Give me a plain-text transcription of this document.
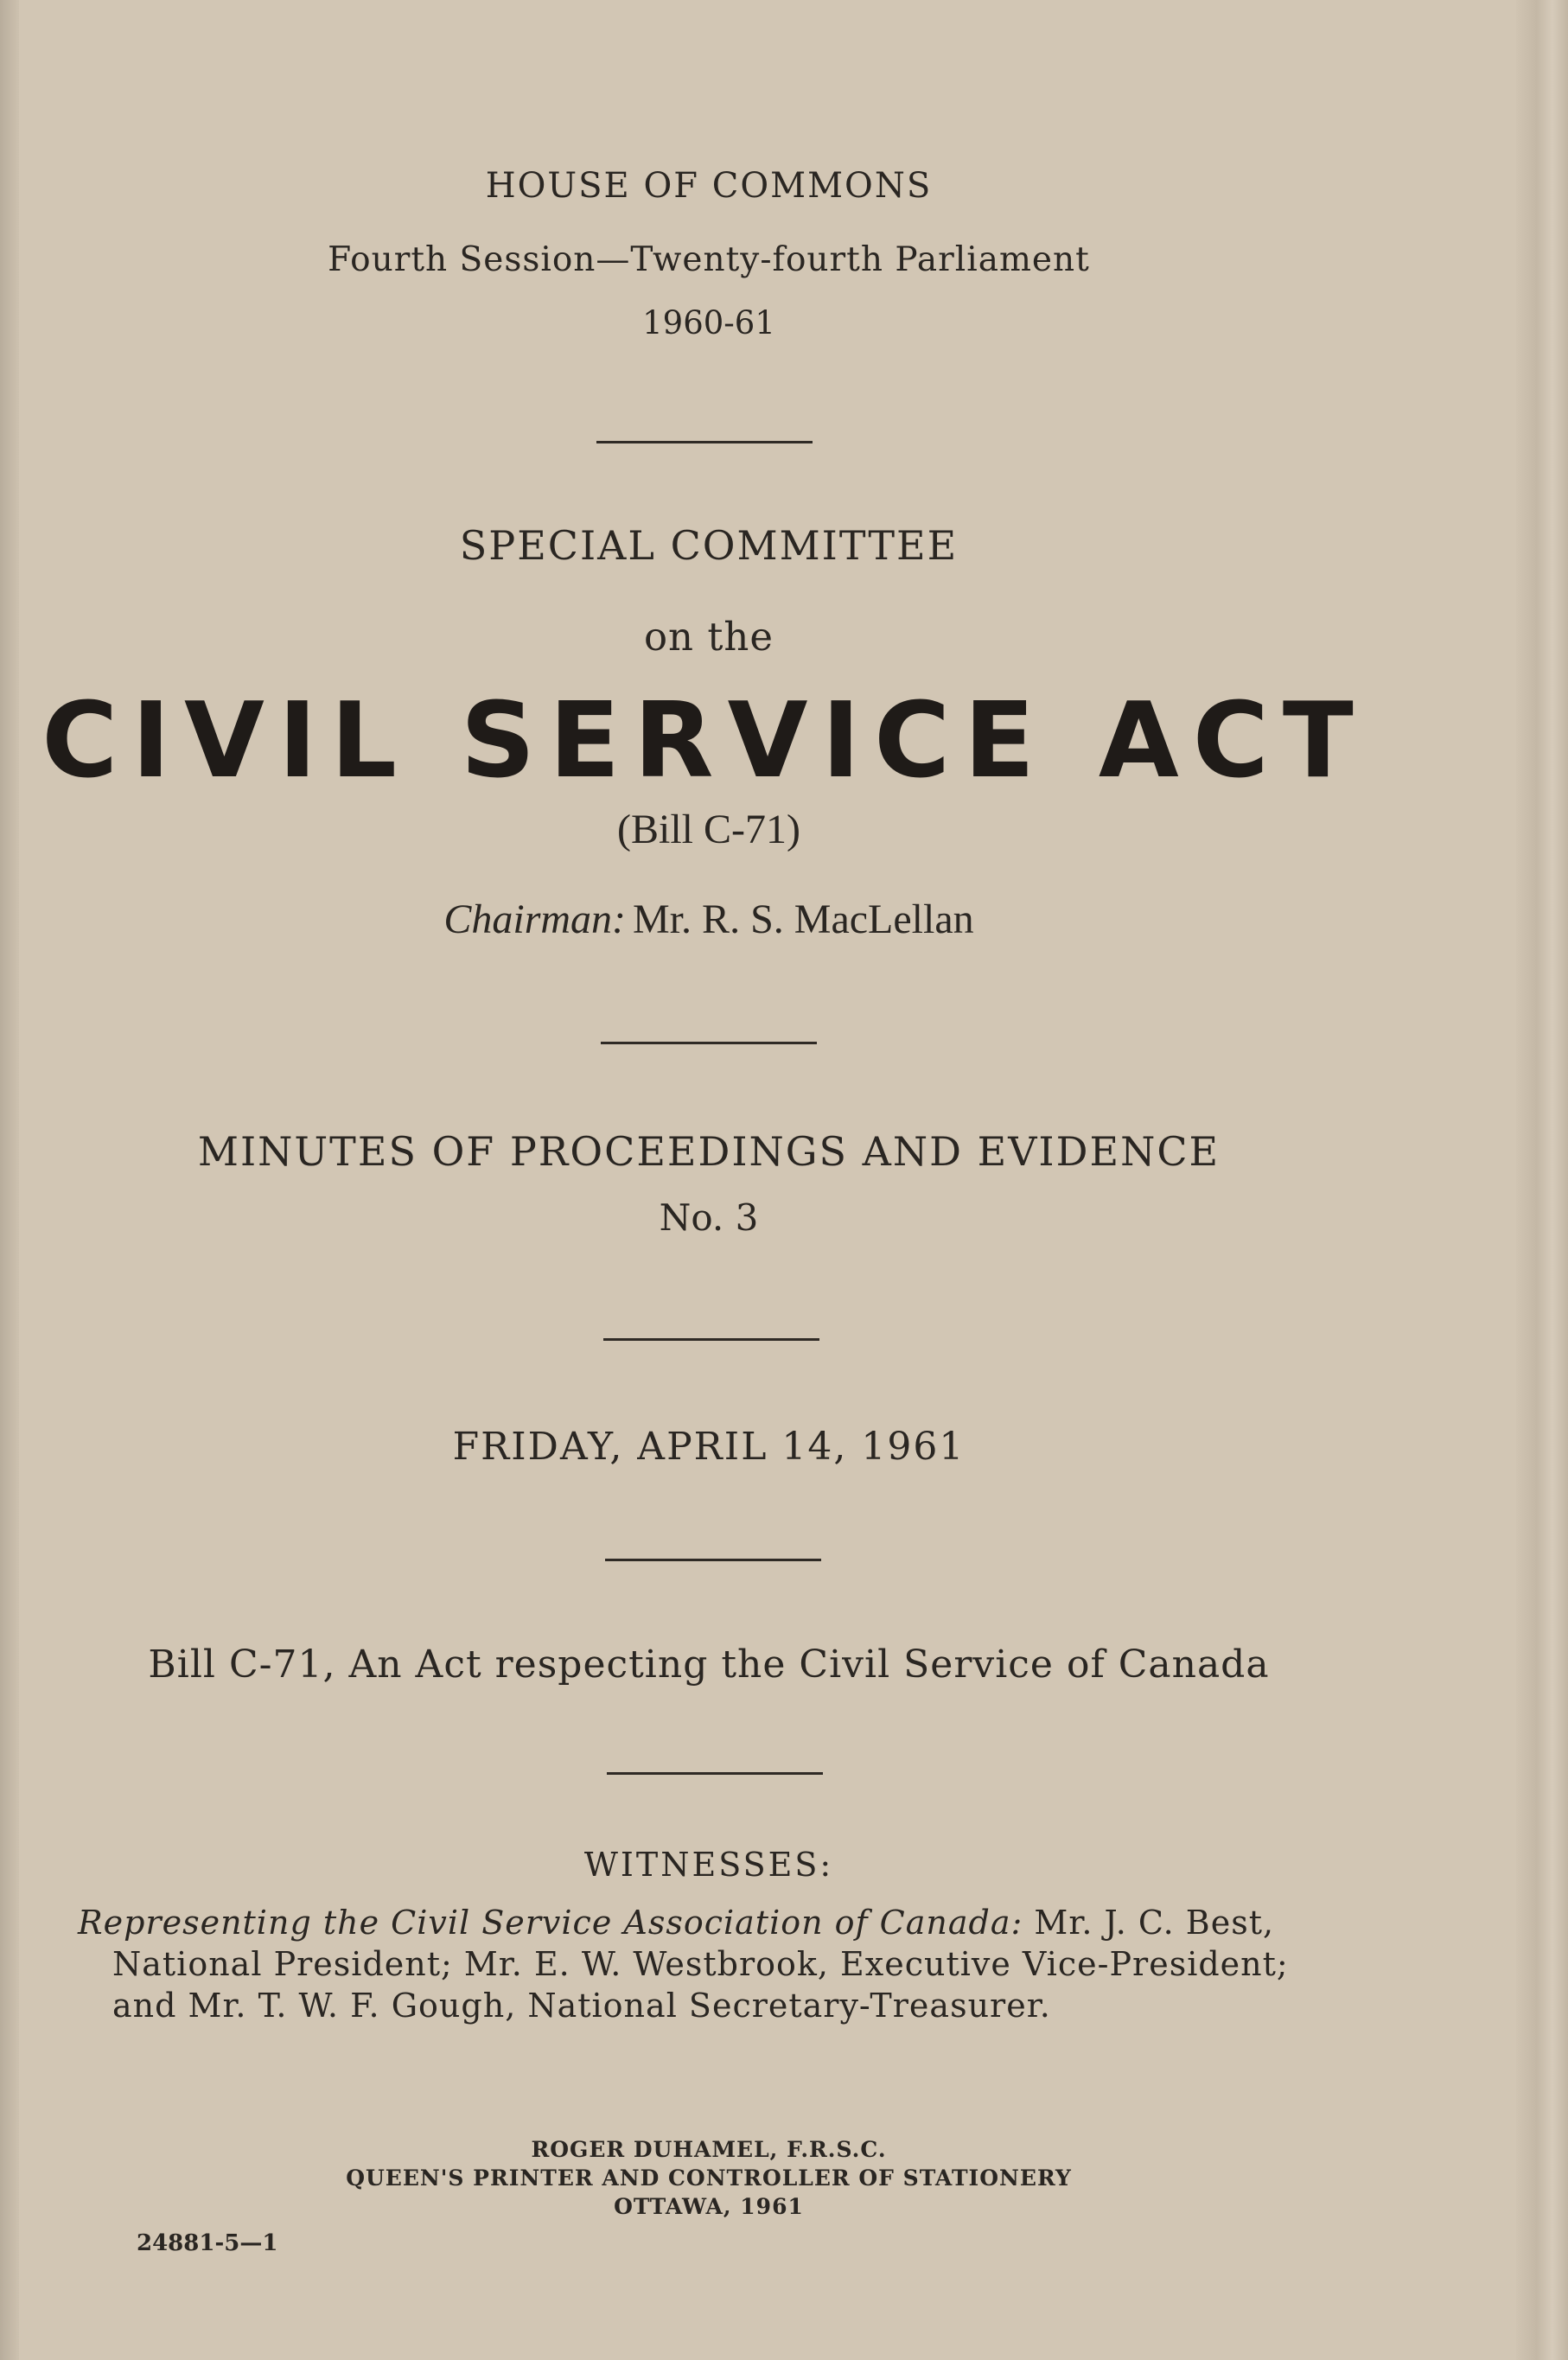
HOUSE OF COMMONS
Fourth Session—Twenty-fourth Parliament
1960-61
SPECIAL COMMITTEE
on the
CIVIL SERVICE ACT
(Bill C-71)
Chairman: Mr. R. S. MacLellan
MINUTES OF PROCEEDINGS AND EVIDENCE
No. 3
FRIDAY, APRIL 14, 1961
Bill C-71, An Act respecting the Civil Service of Canada
WITNESSES:
Representing the Civil Service Association of Canada: Mr. J. C. Best,
National President; Mr. E. W. Westbrook, Executive Vice-President;
and Mr. T. W. F. Gough, National Secretary-Treasurer.
ROGER DUHAMEL, F.R.S.C.
QUEEN'S PRINTER AND CONTROLLER OF STATIONERY
OTTAWA, 1961
24881-5—1
